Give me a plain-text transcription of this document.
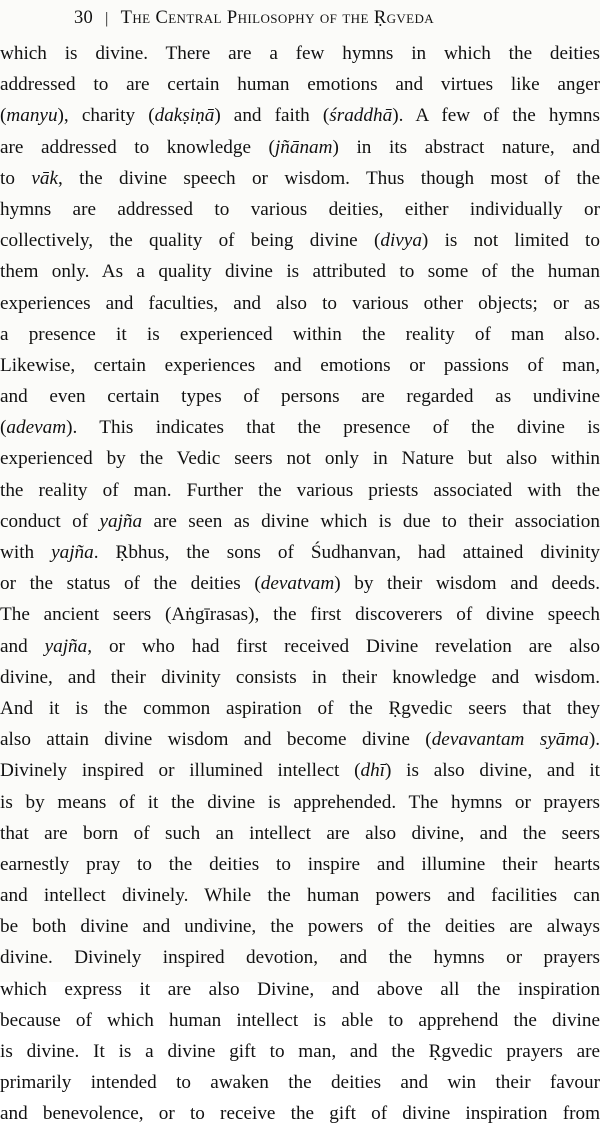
30 | The Central Philosophy of the Ṛgveda
which is divine. There are a few hymns in which the deities
addressed to are certain human emotions and virtues like anger
(manyu), charity (dakṣiṇā) and faith (śraddhā). A few of the hymns
are addressed to knowledge (jñānam) in its abstract nature, and
to vāk, the divine speech or wisdom. Thus though most of the
hymns are addressed to various deities, either individually or
collectively, the quality of being divine (divya) is not limited to
them only. As a quality divine is attributed to some of the human
experiences and faculties, and also to various other objects; or as
a presence it is experienced within the reality of man also.
Likewise, certain experiences and emotions or passions of man,
and even certain types of persons are regarded as undivine
(adevam). This indicates that the presence of the divine is
experienced by the Vedic seers not only in Nature but also within
the reality of man. Further the various priests associated with the
conduct of yajña are seen as divine which is due to their association
with yajña. Ṛbhus, the sons of Śudhanvan, had attained divinity
or the status of the deities (devatvam) by their wisdom and deeds.
The ancient seers (Aṅgīrasas), the first discoverers of divine speech
and yajña, or who had first received Divine revelation are also
divine, and their divinity consists in their knowledge and wisdom.
And it is the common aspiration of the Ṛgvedic seers that they
also attain divine wisdom and become divine (devavantam syāma).
Divinely inspired or illumined intellect (dhī) is also divine, and it
is by means of it the divine is apprehended. The hymns or prayers
that are born of such an intellect are also divine, and the seers
earnestly pray to the deities to inspire and illumine their hearts
and intellect divinely. While the human powers and facilities can
be both divine and undivine, the powers of the deities are always
divine. Divinely inspired devotion, and the hymns or prayers
which express it are also Divine, and above all the inspiration
because of which human intellect is able to apprehend the divine
is divine. It is a divine gift to man, and the Ṛgvedic prayers are
primarily intended to awaken the deities and win their favour
and benevolence, or to receive the gift of divine inspiration from
